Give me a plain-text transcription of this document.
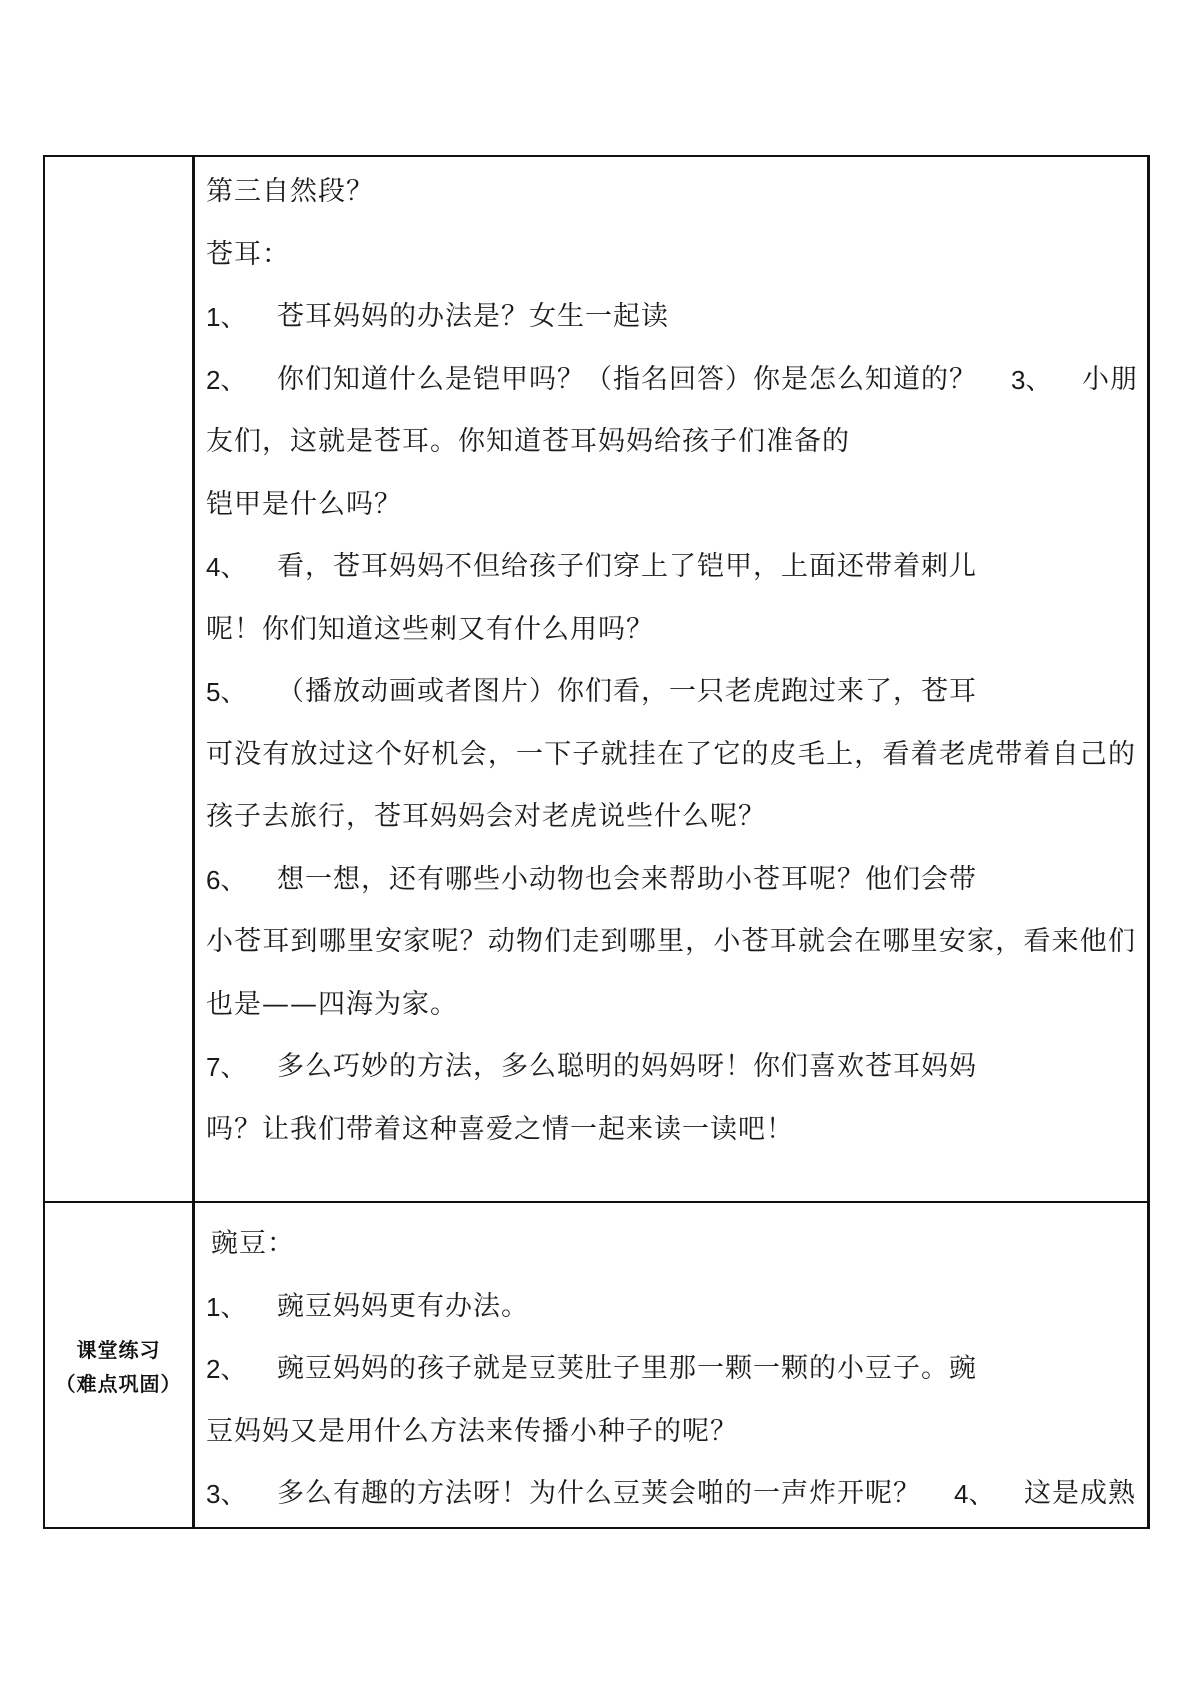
第三自然段？
苍耳：
1、 苍耳妈妈的办法是？女生一起读
2、 你们知道什么是铠甲吗？（指名回答）你是怎么知道的？ 3、 小朋
友们，这就是苍耳。你知道苍耳妈妈给孩子们准备的
铠甲是什么吗？
4、 看，苍耳妈妈不但给孩子们穿上了铠甲，上面还带着刺儿
呢！你们知道这些刺又有什么用吗？
5、 （播放动画或者图片）你们看，一只老虎跑过来了，苍耳
可没有放过这个好机会，一下子就挂在了它的皮毛上，看着老虎带着自己的
孩子去旅行，苍耳妈妈会对老虎说些什么呢？
6、 想一想，还有哪些小动物也会来帮助小苍耳呢？他们会带
小苍耳到哪里安家呢？动物们走到哪里，小苍耳就会在哪里安家，看来他们
也是——四海为家。
7、 多么巧妙的方法，多么聪明的妈妈呀！你们喜欢苍耳妈妈
吗？让我们带着这种喜爱之情一起来读一读吧！
课堂练习
（难点巩固）
豌豆：
1、 豌豆妈妈更有办法。
2、 豌豆妈妈的孩子就是豆荚肚子里那一颗一颗的小豆子。豌
豆妈妈又是用什么方法来传播小种子的呢？
3、 多么有趣的方法呀！为什么豆荚会啪的一声炸开呢？ 4、 这是成熟
